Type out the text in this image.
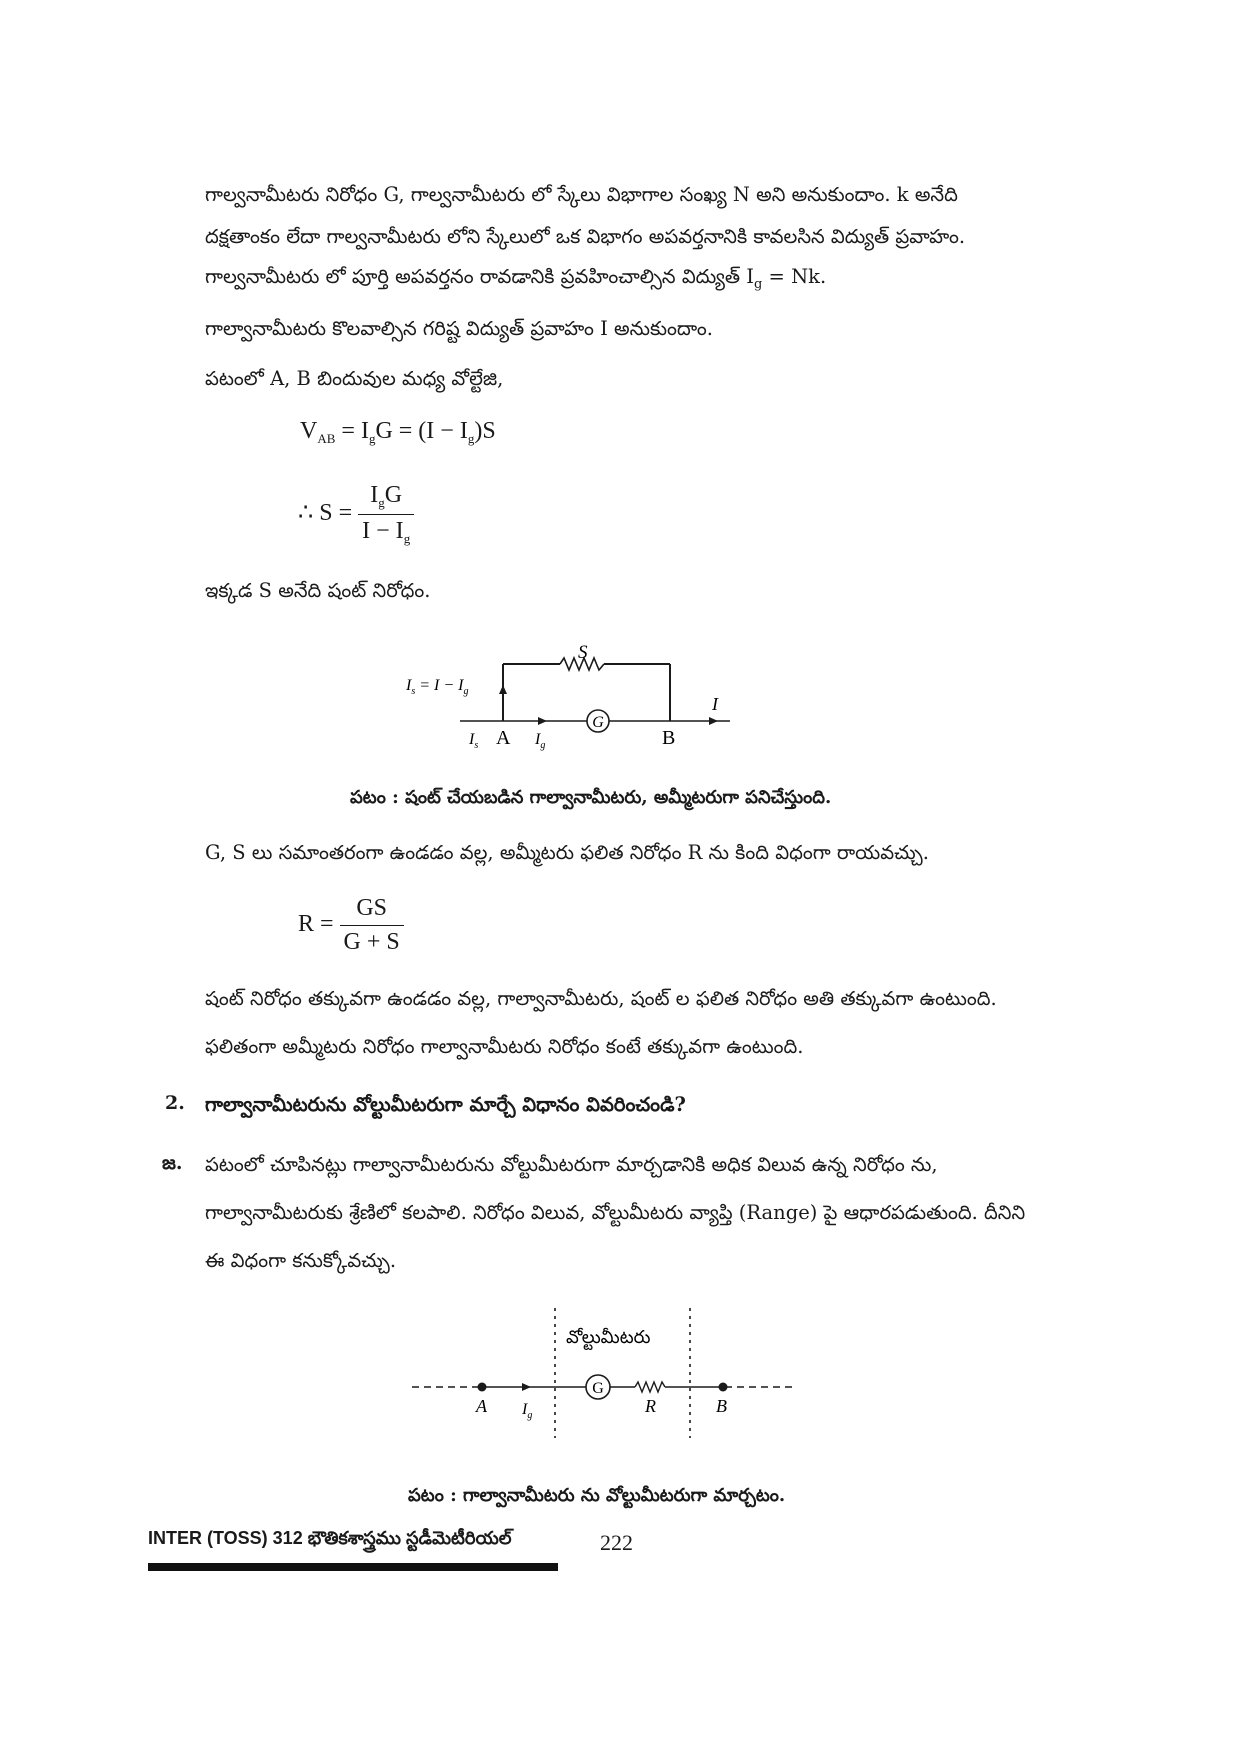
గాల్వనామీటరు నిరోధం G, గాల్వనామీటరు లో స్కేలు విభాగాల సంఖ్య N అని అనుకుందాం. k అనేది
దక్షతాంకం లేదా గాల్వనామీటరు లోని స్కేలులో ఒక విభాగం అపవర్తనానికి కావలసిన విద్యుత్ ప్రవాహం.
గాల్వనామీటరు లో పూర్తి అపవర్తనం రావడానికి ప్రవహించాల్సిన విద్యుత్ $I_g = Nk$.
గాల్వానామీటరు కొలవాల్సిన గరిష్ట విద్యుత్ ప్రవాహం I అనుకుందాం.
పటంలో A, B బిందువుల మధ్య వోల్టేజి,
$V_{AB} = I_gG = (I - I_g)S$
∴ $S = \frac{I_gG}{I - I_g}$
ఇక్కడ S అనేది షంట్ నిరోధం.
G
S
$I_s = I - I_g$
A	B
I
$I_g$
$I_s$
పటం : షంట్ చేయబడిన గాల్వానామీటరు, అమ్మీటరుగా పనిచేస్తుంది.
G, S లు సమాంతరంగా ఉండడం వల్ల, అమ్మీటరు ఫలిత నిరోధం R ను కింది విధంగా రాయవచ్చు.
$R = \frac{GS}{G + S}$
షంట్ నిరోధం తక్కువగా ఉండడం వల్ల, గాల్వానామీటరు, షంట్ ల ఫలిత నిరోధం అతి తక్కువగా ఉంటుంది.
ఫలితంగా అమ్మీటరు నిరోధం గాల్వానామీటరు నిరోధం కంటే తక్కువగా ఉంటుంది.
2. గాల్వానామీటరును వోల్టుమీటరుగా మార్చే విధానం వివరించండి?
జ. పటంలో చూపినట్లు గాల్వానామీటరును వోల్టుమీటరుగా మార్చడానికి అధిక విలువ ఉన్న నిరోధం ను,
గాల్వానామీటరుకు శ్రేణిలో కలపాలి. నిరోధం విలువ, వోల్టుమీటరు వ్యాప్తి (Range) పై ఆధారపడుతుంది. దీనిని
ఈ విధంగా కనుక్కోవచ్చు.
G
వోల్టుమీటరు
A	B
R
$I_g$
పటం : గాల్వానామీటరు ను వోల్టుమీటరుగా మార్చటం.
INTER (TOSS) 312 భౌతికశాస్త్రము స్టడీమెటీరియల్	222
